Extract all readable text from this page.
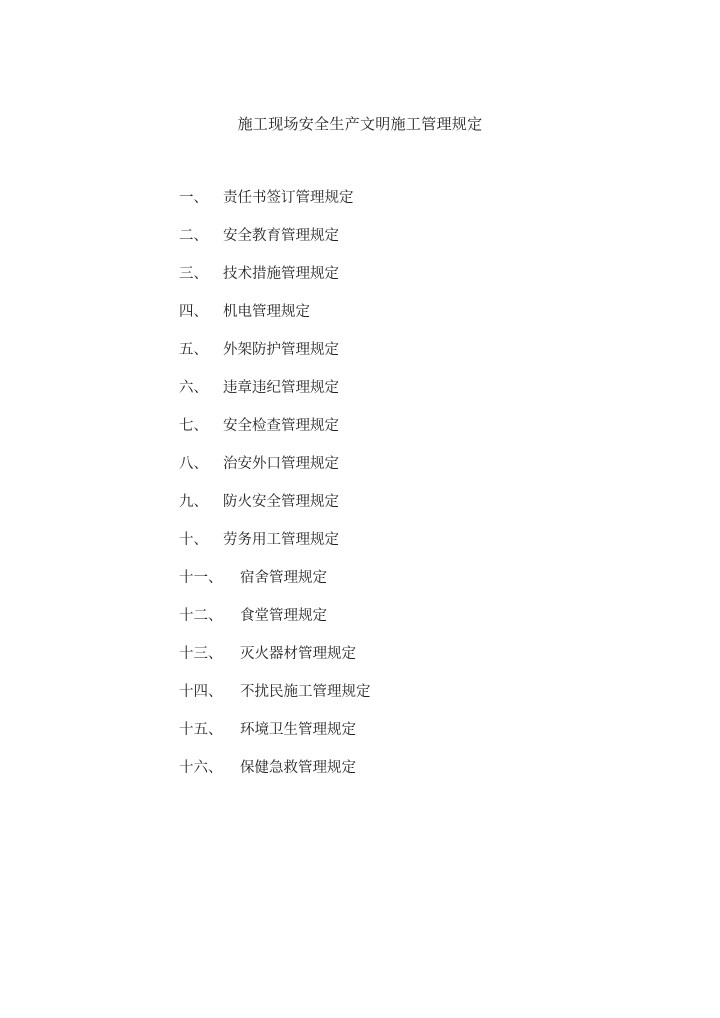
施工现场安全生产文明施工管理规定
一、 责任书签订管理规定
二、 安全教育管理规定
三、 技术措施管理规定
四、 机电管理规定
五、 外架防护管理规定
六、 违章违纪管理规定
七、 安全检查管理规定
八、 治安外口管理规定
九、 防火安全管理规定
十、 劳务用工管理规定
十一、 宿舍管理规定
十二、 食堂管理规定
十三、 灭火器材管理规定
十四、 不扰民施工管理规定
十五、 环境卫生管理规定
十六、 保健急救管理规定
